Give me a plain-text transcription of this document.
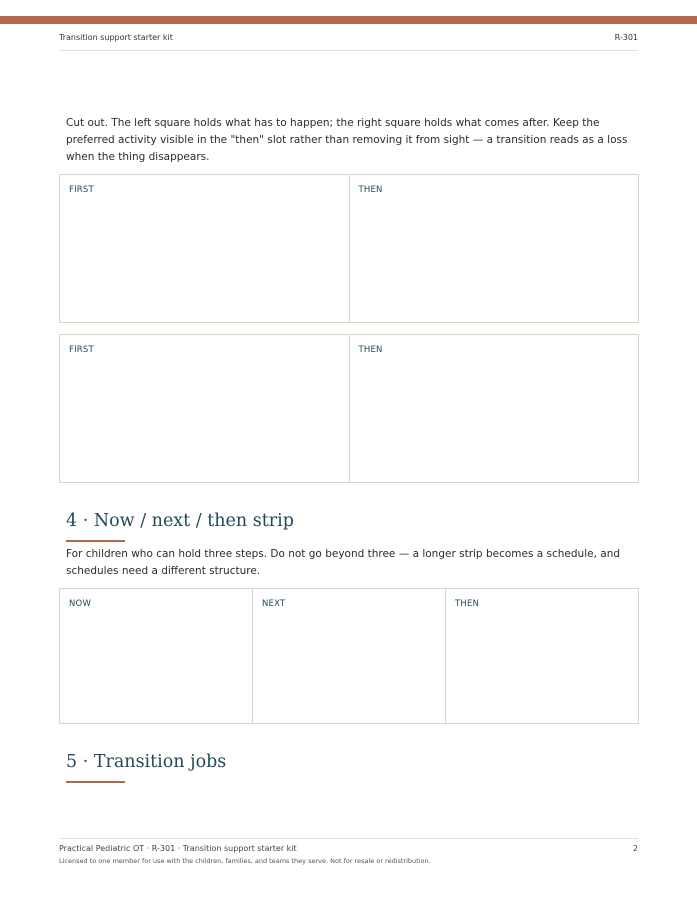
Transition support starter kit	R-301
Cut out. The left square holds what has to happen; the right square holds what comes after. Keep the preferred activity visible in the "then" slot rather than removing it from sight — a transition reads as a loss when the thing disappears.
FIRST	THEN
FIRST	THEN
4 · Now / next / then strip
For children who can hold three steps. Do not go beyond three — a longer strip becomes a schedule, and schedules need a different structure.
NOW	NEXT	THEN
5 · Transition jobs
Practical Pediatric OT · R-301 · Transition support starter kit	2
Licensed to one member for use with the children, families, and teams they serve. Not for resale or redistribution.
